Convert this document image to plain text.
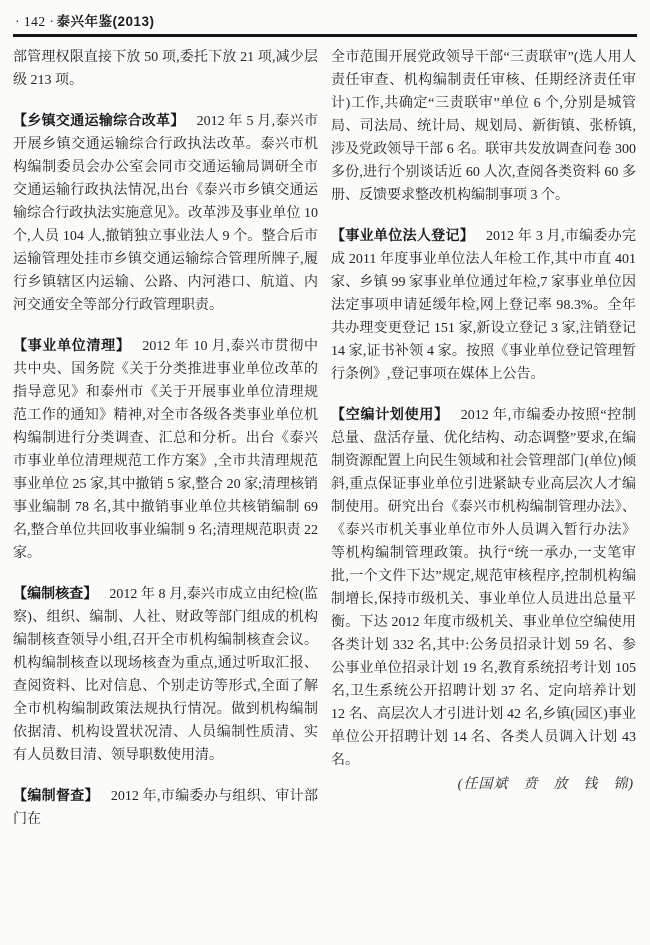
· 142 · 泰兴年鉴(2013)

部管理权限直接下放 50 项,委托下放 21 项,减少层级 213 项。

【乡镇交通运输综合改革】 2012 年 5 月,泰兴市开展乡镇交通运输综合行政执法改革。泰兴市机构编制委员会办公室会同市交通运输局调研全市交通运输行政执法情况,出台《泰兴市乡镇交通运输综合行政执法实施意见》。改革涉及事业单位 10 个,人员 104 人,撤销独立事业法人 9 个。整合后市运输管理处挂市乡镇交通运输综合管理所牌子,履行乡镇辖区内运输、公路、内河港口、航道、内河交通安全等部分行政管理职责。

【事业单位清理】 2012 年 10 月,泰兴市贯彻中共中央、国务院《关于分类推进事业单位改革的指导意见》和泰州市《关于开展事业单位清理规范工作的通知》精神,对全市各级各类事业单位机构编制进行分类调查、汇总和分析。出台《泰兴市事业单位清理规范工作方案》,全市共清理规范事业单位 25 家,其中撤销 5 家,整合 20 家;清理核销事业编制 78 名,其中撤销事业单位共核销编制 69 名,整合单位共回收事业编制 9 名;清理规范职责 22 家。

【编制核查】 2012 年 8 月,泰兴市成立由纪检(监察)、组织、编制、人社、财政等部门组成的机构编制核查领导小组,召开全市机构编制核查会议。机构编制核查以现场核查为重点,通过听取汇报、查阅资料、比对信息、个别走访等形式,全面了解全市机构编制政策法规执行情况。做到机构编制依据清、机构设置状况清、人员编制性质清、实有人员数目清、领导职数使用清。

【编制督查】 2012 年,市编委办与组织、审计部门在

全市范围开展党政领导干部“三责联审”(选人用人责任审查、机构编制责任审核、任期经济责任审计)工作,共确定“三责联审”单位 6 个,分别是城管局、司法局、统计局、规划局、新街镇、张桥镇,涉及党政领导干部 6 名。联审共发放调查问卷 300 多份,进行个别谈话近 60 人次,查阅各类资料 60 多册、反馈要求整改机构编制事项 3 个。

【事业单位法人登记】 2012 年 3 月,市编委办完成 2011 年度事业单位法人年检工作,其中市直 401 家、乡镇 99 家事业单位通过年检,7 家事业单位因法定事项申请延缓年检,网上登记率 98.3%。全年共办理变更登记 151 家,新设立登记 3 家,注销登记 14 家,证书补领 4 家。按照《事业单位登记管理暂行条例》,登记事项在媒体上公告。

【空编计划使用】 2012 年,市编委办按照“控制总量、盘活存量、优化结构、动态调整”要求,在编制资源配置上向民生领域和社会管理部门(单位)倾斜,重点保证事业单位引进紧缺专业高层次人才编制使用。研究出台《泰兴市机构编制管理办法》、《泰兴市机关事业单位市外人员调入暂行办法》等机构编制管理政策。执行“统一承办,一支笔审批,一个文件下达”规定,规范审核程序,控制机构编制增长,保持市级机关、事业单位人员进出总量平衡。下达 2012 年度市级机关、事业单位空编使用各类计划 332 名,其中:公务员招录计划 59 名、参公事业单位招录计划 19 名,教育系统招考计划 105 名,卫生系统公开招聘计划 37 名、定向培养计划 12 名、高层次人才引进计划 42 名,乡镇(园区)事业单位公开招聘计划 14 名、各类人员调入计划 43 名。

(任国斌　贲　放　钱　锦)
